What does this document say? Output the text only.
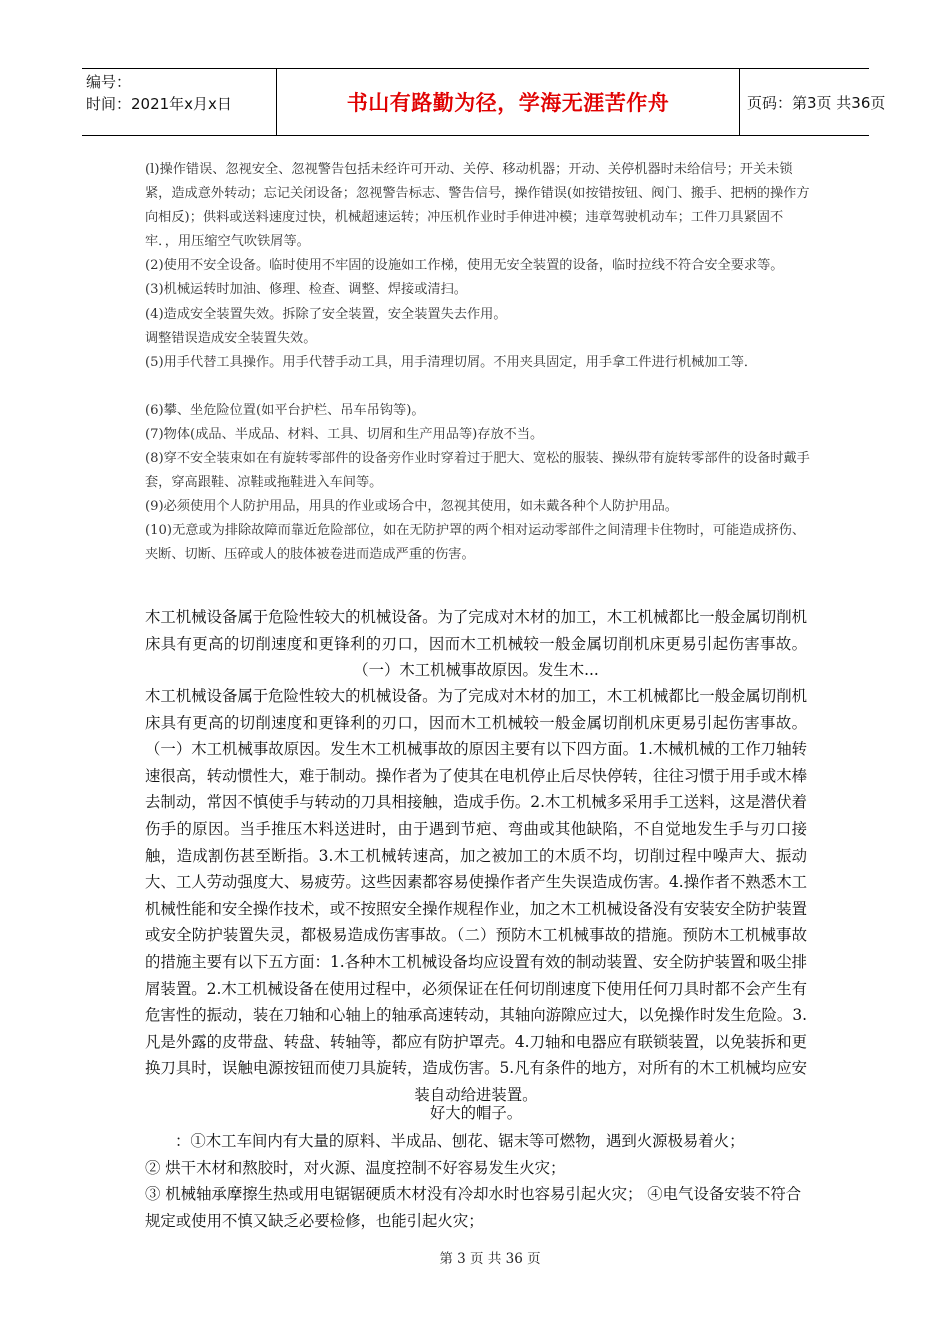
编号：
时间：2021年x月x日	书山有路勤为径，学海无涯苦作舟	页码：第3页 共36页

(l)操作错误、忽视安全、忽视警告包括未经许可开动、关停、移动机器；开动、关停机器时未给信号；开关未锁紧，造成意外转动；忘记关闭设备；忽视警告标志、警告信号，操作错误(如按错按钮、阀门、搬手、把柄的操作方向相反)；供料或送料速度过快，机械超速运转；冲压机作业时手伸进冲模；违章驾驶机动车；工件刀具紧固不牢．，用压缩空气吹铁屑等。

(2)使用不安全设备。临时使用不牢固的设施如工作梯，使用无安全装置的设备，临时拉线不符合安全要求等。

(3)机械运转时加油、修理、检查、调整、焊接或清扫。

(4)造成安全装置失效。拆除了安全装置，安全装置失去作用。

调整错误造成安全装置失效。

(5)用手代替工具操作。用手代替手动工具，用手清理切屑。不用夹具固定，用手拿工件进行机械加工等．

(6)攀、坐危险位置(如平台护栏、吊车吊钩等)。

(7)物体(成品、半成品、材料、工具、切屑和生产用品等)存放不当。

(8)穿不安全装束如在有旋转零部件的设备旁作业时穿着过于肥大、宽松的服装、操纵带有旋转零部件的设备时戴手套，穿高跟鞋、凉鞋或拖鞋进入车间等。

(9)必须使用个人防护用品，用具的作业或场合中，忽视其使用，如未戴各种个人防护用品。

(10)无意或为排除故障而靠近危险部位，如在无防护罩的两个相对运动零部件之间清理卡住物时，可能造成挤伤、夹断、切断、压碎或人的肢体被卷进而造成严重的伤害。

木工机械设备属于危险性较大的机械设备。为了完成对木材的加工，木工机械都比一般金属切削机床具有更高的切削速度和更锋利的刃口，因而木工机械较一般金属切削机床更易引起伤害事故。（一）木工机械事故原因。发生木...

木工机械设备属于危险性较大的机械设备。为了完成对木材的加工，木工机械都比一般金属切削机床具有更高的切削速度和更锋利的刃口，因而木工机械较一般金属切削机床更易引起伤害事故。（一）木工机械事故原因。发生木工机械事故的原因主要有以下四方面。1.木械机械的工作刀轴转速很高，转动惯性大，难于制动。操作者为了使其在电机停止后尽快停转，往往习惯于用手或木棒去制动，常因不慎使手与转动的刀具相接触，造成手伤。2.木工机械多采用手工送料，这是潜伏着伤手的原因。当手推压木料送进时，由于遇到节疤、弯曲或其他缺陷，不自觉地发生手与刃口接触，造成割伤甚至断指。3.木工机械转速高，加之被加工的木质不均，切削过程中噪声大、振动大、工人劳动强度大、易疲劳。这些因素都容易使操作者产生失误造成伤害。4.操作者不熟悉木工机械性能和安全操作技术，或不按照安全操作规程作业，加之木工机械设备没有安装安全防护装置或安全防护装置失灵，都极易造成伤害事故。（二）预防木工机械事故的措施。预防木工机械事故的措施主要有以下五方面：1.各种木工机械设备均应设置有效的制动装置、安全防护装置和吸尘排屑装置。2.木工机械设备在使用过程中，必须保证在任何切削速度下使用任何刀具时都不会产生有危害性的振动，装在刀轴和心轴上的轴承高速转动，其轴向游隙应过大，以免操作时发生危险。3.凡是外露的皮带盘、转盘、转轴等，都应有防护罩壳。4.刀轴和电器应有联锁装置，以免装拆和更换刀具时，误触电源按钮而使刀具旋转，造成伤害。5.凡有条件的地方，对所有的木工机械均应安装自动给进装置。

好大的帽子。

：①木工车间内有大量的原料、半成品、刨花、锯末等可燃物，遇到火源极易着火；

② 烘干木材和熬胶时，对火源、温度控制不好容易发生火灾；

③ 机械轴承摩擦生热或用电锯锯硬质木材没有冷却水时也容易引起火灾； ④电气设备安装不符合规定或使用不慎又缺乏必要检修，也能引起火灾；

第 3 页 共 36 页
